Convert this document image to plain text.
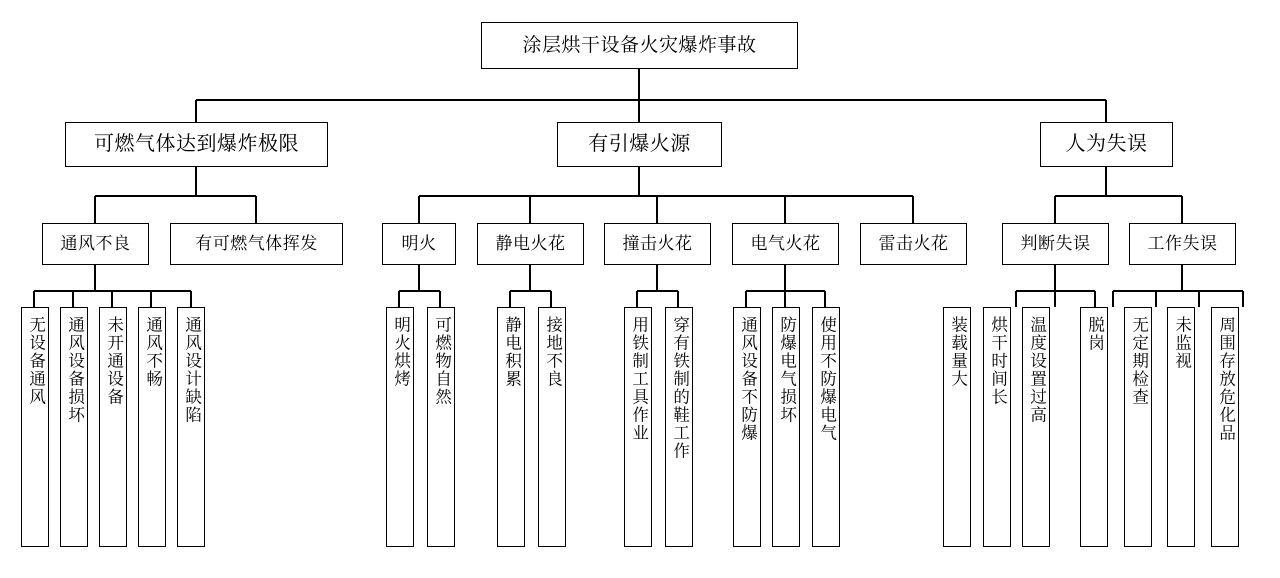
涂层烘干设备火灾爆炸事故
可燃气体达到爆炸极限	有引爆火源	人为失误
通风不良	有可燃气体挥发	明火	静电火花	撞击火花	电气火花	雷击火花	判断失误	工作失误
无设备通风 通风设备损坏 未开通设备 通风不畅 通风设计缺陷	明火烘烤 可燃物自然	静电积累 接地不良	用铁制工具作业 穿有铁制的鞋工作	通风设备不防爆 防爆电气损坏 使用不防爆电气	装载量大 烘干时间长 温度设置过高 脱岗 无定期检查 未监视 周围存放危化品
